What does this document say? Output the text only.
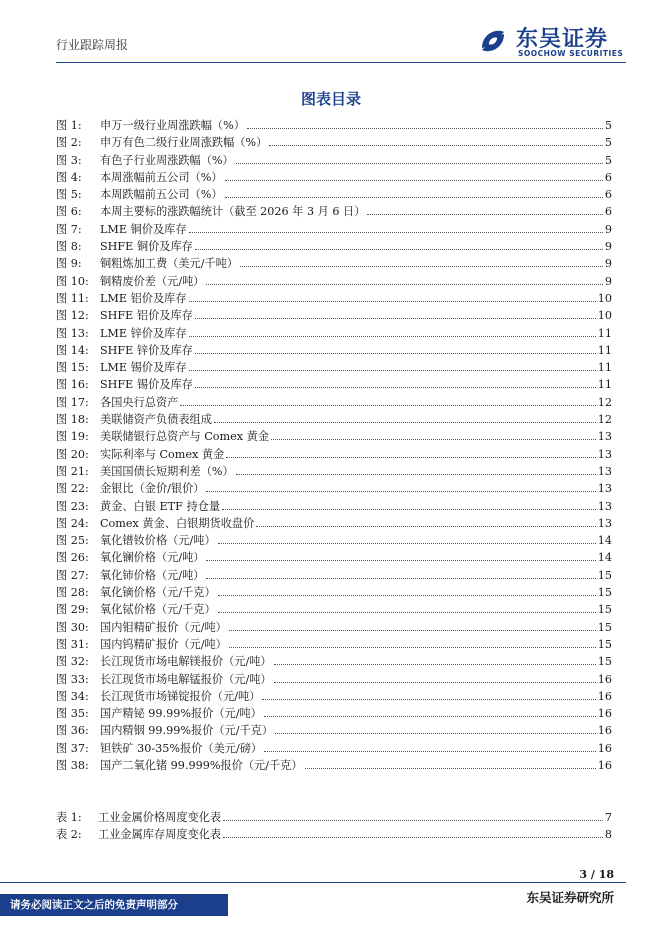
行业跟踪周报	东吴证券
SOOCHOW SECURITIES
图表目录
图 1:	申万一级行业周涨跌幅（%）	5
图 2:	申万有色二级行业周涨跌幅（%）	5
图 3:	有色子行业周涨跌幅（%）	5
图 4:	本周涨幅前五公司（%）	6
图 5:	本周跌幅前五公司（%）	6
图 6:	本周主要标的涨跌幅统计（截至 2026 年 3 月 6 日）	6
图 7:	LME 铜价及库存	9
图 8:	SHFE 铜价及库存	9
图 9:	铜粗炼加工费（美元/千吨）	9
图 10:	铜精废价差（元/吨）	9
图 11:	LME 铝价及库存	10
图 12:	SHFE 铝价及库存	10
图 13:	LME 锌价及库存	11
图 14:	SHFE 锌价及库存	11
图 15:	LME 锡价及库存	11
图 16:	SHFE 锡价及库存	11
图 17:	各国央行总资产	12
图 18:	美联储资产负债表组成	12
图 19:	美联储银行总资产与 Comex 黄金	13
图 20:	实际利率与 Comex 黄金	13
图 21:	美国国债长短期利差（%）	13
图 22:	金银比（金价/银价）	13
图 23:	黄金、白银 ETF 持仓量	13
图 24:	Comex 黄金、白银期货收盘价	13
图 25:	氧化镨钕价格（元/吨）	14
图 26:	氧化镧价格（元/吨）	14
图 27:	氧化铈价格（元/吨）	15
图 28:	氧化镝价格（元/千克）	15
图 29:	氧化铽价格（元/千克）	15
图 30:	国内钼精矿报价（元/吨）	15
图 31:	国内钨精矿报价（元/吨）	15
图 32:	长江现货市场电解镁报价（元/吨）	15
图 33:	长江现货市场电解锰报价（元/吨）	16
图 34:	长江现货市场锑锭报价（元/吨）	16
图 35:	国产精铋 99.99%报价（元/吨）	16
图 36:	国内精铟 99.99%报价（元/千克）	16
图 37:	钽铁矿 30-35%报价（美元/磅）	16
图 38:	国产二氧化锗 99.999%报价（元/千克）	16
表 1:	工业金属价格周度变化表	7
表 2:	工业金属库存周度变化表	8
3 / 18
请务必阅读正文之后的免责声明部分	东吴证券研究所
